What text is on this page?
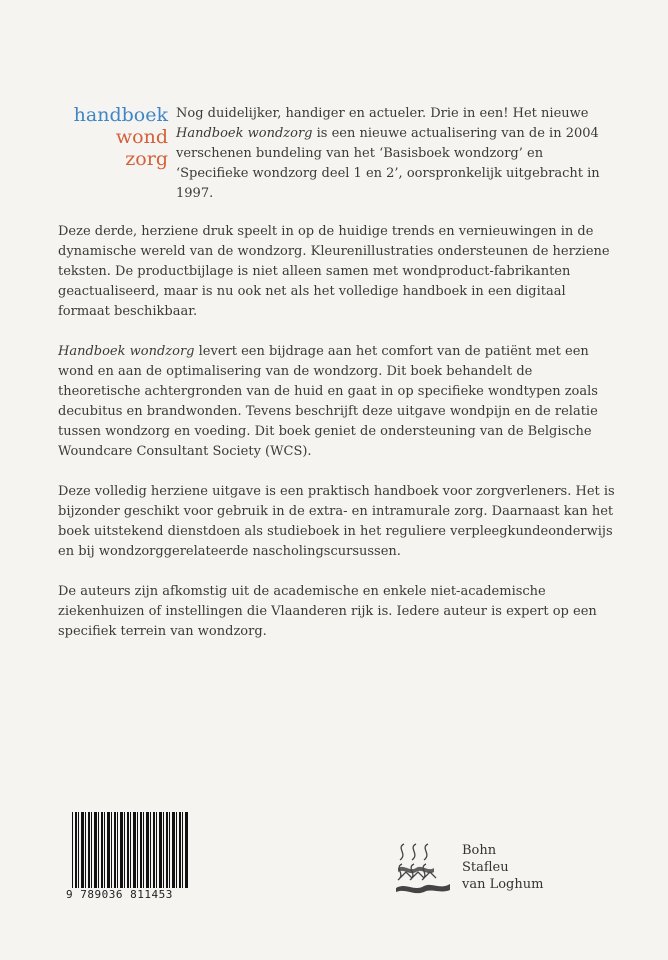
handboek
wond
zorg

Nog duidelijker, handiger en actueler. Drie in een! Het nieuwe Handboek wondzorg is een nieuwe actualisering van de in 2004 verschenen bundeling van het ‘Basisboek wondzorg’ en ‘Specifieke wondzorg deel 1 en 2’, oorspronkelijk uitgebracht in 1997.

Deze derde, herziene druk speelt in op de huidige trends en vernieuwingen in de dynamische wereld van de wondzorg. Kleurenillustraties ondersteunen de herziene teksten. De productbijlage is niet alleen samen met wondproduct-fabrikanten geactualiseerd, maar is nu ook net als het volledige handboek in een digitaal formaat beschikbaar.

Handboek wondzorg levert een bijdrage aan het comfort van de patiënt met een wond en aan de optimalisering van de wondzorg. Dit boek behandelt de theoretische achtergronden van de huid en gaat in op specifieke wondtypen zoals decubitus en brandwonden. Tevens beschrijft deze uitgave wondpijn en de relatie tussen wondzorg en voeding. Dit boek geniet de ondersteuning van de Belgische Woundcare Consultant Society (WCS).

Deze volledig herziene uitgave is een praktisch handboek voor zorgverleners. Het is bijzonder geschikt voor gebruik in de extra- en intramurale zorg. Daarnaast kan het boek uitstekend dienstdoen als studieboek in het reguliere verpleegkundeonderwijs en bij wondzorggerelateerde nascholingscursussen.

De auteurs zijn afkomstig uit de academische en enkele niet-academische ziekenhuizen of instellingen die Vlaanderen rijk is. Iedere auteur is expert op een specifiek terrein van wondzorg.

9 789036 811453
Bohn
Stafleu
van Loghum
